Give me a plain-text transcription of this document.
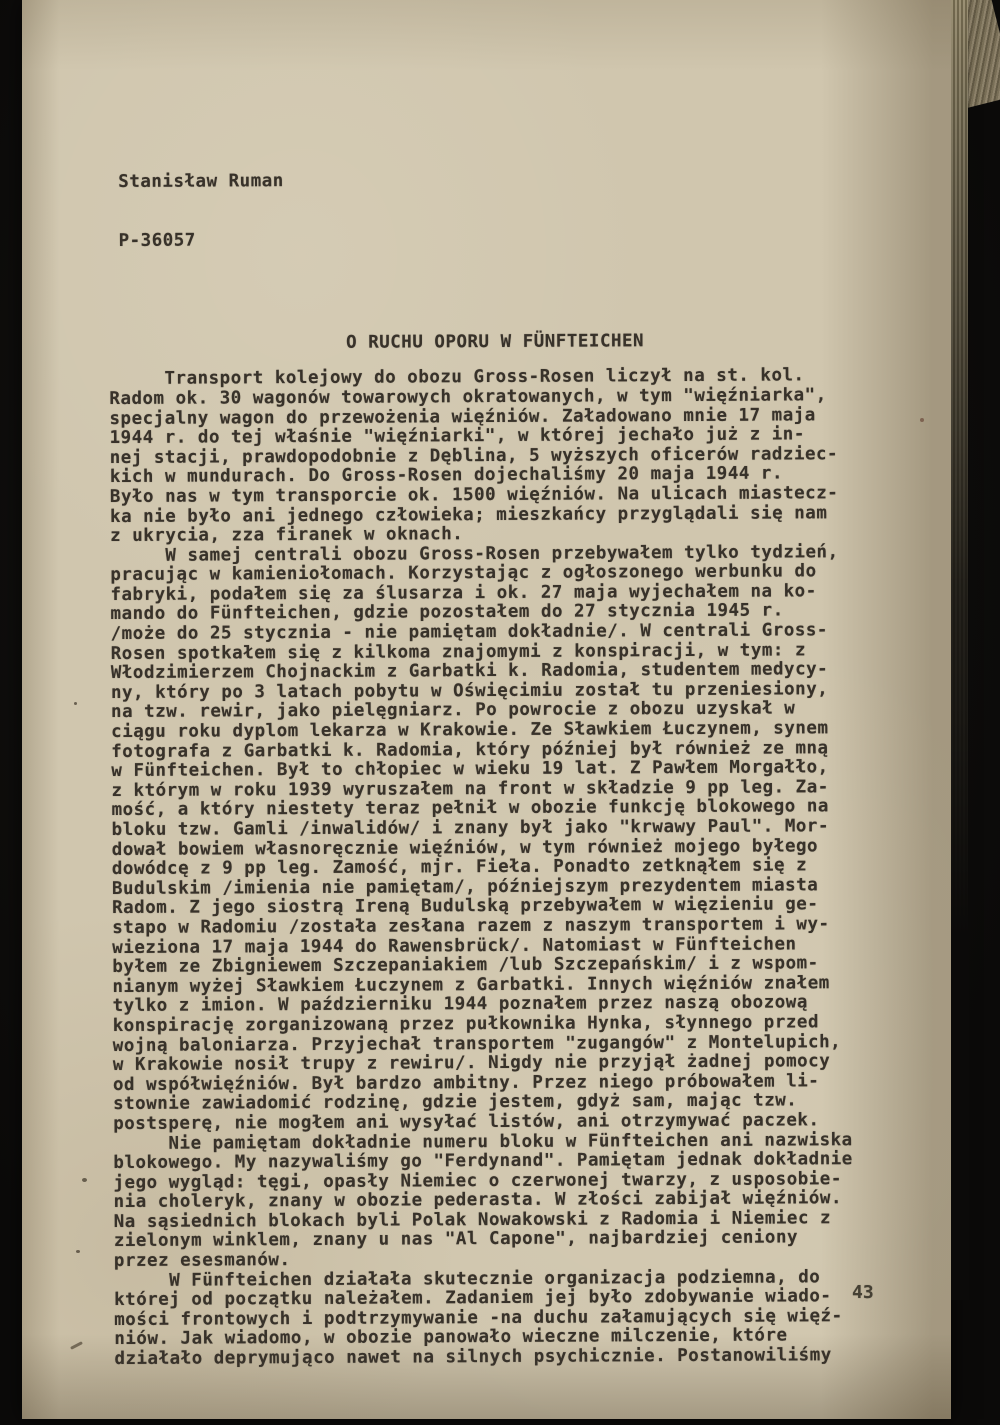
Stanisław Ruman

P-36057

O RUCHU OPORU W FÜNFTEICHEN
Transport kolejowy do obozu Gross-Rosen liczył na st. kol.
Radom ok. 30 wagonów towarowych okratowanych, w tym "więźniarka",
specjalny wagon do przewożenia więźniów. Załadowano mnie 17 maja
1944 r. do tej właśnie "więźniarki", w której jechało już z in-
nej stacji, prawdopodobnie z Dęblina, 5 wyższych oficerów radziec-
kich w mundurach. Do Gross-Rosen dojechaliśmy 20 maja 1944 r.
Było nas w tym transporcie ok. 1500 więźniów. Na ulicach miastecz-
ka nie było ani jednego człowieka; mieszkańcy przyglądali się nam
z ukrycia, zza firanek w oknach.
W samej centrali obozu Gross-Rosen przebywałem tylko tydzień,
pracując w kamieniołomach. Korzystając z ogłoszonego werbunku do
fabryki, podałem się za ślusarza i ok. 27 maja wyjechałem na ko-
mando do Fünfteichen, gdzie pozostałem do 27 stycznia 1945 r.
/może do 25 stycznia - nie pamiętam dokładnie/. W centrali Gross-
Rosen spotkałem się z kilkoma znajomymi z konspiracji, w tym: z
Włodzimierzem Chojnackim z Garbatki k. Radomia, studentem medycy-
ny, który po 3 latach pobytu w Oświęcimiu został tu przeniesiony,
na tzw. rewir, jako pielęgniarz. Po powrocie z obozu uzyskał w
ciągu roku dyplom lekarza w Krakowie. Ze Sławkiem Łuczynem, synem
fotografa z Garbatki k. Radomia, który później był również ze mną
w Fünfteichen. Był to chłopiec w wieku 19 lat. Z Pawłem Morgałło,
z którym w roku 1939 wyruszałem na front w składzie 9 pp leg. Za-
mość, a który niestety teraz pełnił w obozie funkcję blokowego na
bloku tzw. Gamli /inwalidów/ i znany był jako "krwawy Paul". Mor-
dował bowiem własnoręcznie więźniów, w tym również mojego byłego
dowódcę z 9 pp leg. Zamość, mjr. Fieła. Ponadto zetknąłem się z
Budulskim /imienia nie pamiętam/, późniejszym prezydentem miasta
Radom. Z jego siostrą Ireną Budulską przebywałem w więzieniu ge-
stapo w Radomiu /została zesłana razem z naszym transportem i wy-
wieziona 17 maja 1944 do Rawensbrück/. Natomiast w Fünfteichen
byłem ze Zbigniewem Szczepaniakiem /lub Szczepańskim/ i z wspom-
nianym wyżej Sławkiem Łuczynem z Garbatki. Innych więźniów znałem
tylko z imion. W październiku 1944 poznałem przez naszą obozową
konspirację zorganizowaną przez pułkownika Hynka, słynnego przed
wojną baloniarza. Przyjechał transportem "zugangów" z Montelupich,
w Krakowie nosił trupy z rewiru/. Nigdy nie przyjął żadnej pomocy
od współwięźniów. Był bardzo ambitny. Przez niego próbowałem li-
stownie zawiadomić rodzinę, gdzie jestem, gdyż sam, mając tzw.
postsperę, nie mogłem ani wysyłać listów, ani otrzymywać paczek.
Nie pamiętam dokładnie numeru bloku w Fünfteichen ani nazwiska
blokowego. My nazywaliśmy go "Ferdynand". Pamiętam jednak dokładnie
jego wygląd: tęgi, opasły Niemiec o czerwonej twarzy, z usposobie-
nia choleryk, znany w obozie pederasta. W złości zabijał więźniów.
Na sąsiednich blokach byli Polak Nowakowski z Radomia i Niemiec z
zielonym winklem, znany u nas "Al Capone", najbardziej ceniony
przez esesmanów.
W Fünfteichen działała skutecznie organizacja podziemna, do
której od początku należałem. Zadaniem jej było zdobywanie wiado-
mości frontowych i podtrzymywanie -na duchu załamujących się więź-
niów. Jak wiadomo, w obozie panowało wieczne milczenie, które
działało deprymująco nawet na silnych psychicznie. Postanowiliśmy
43
